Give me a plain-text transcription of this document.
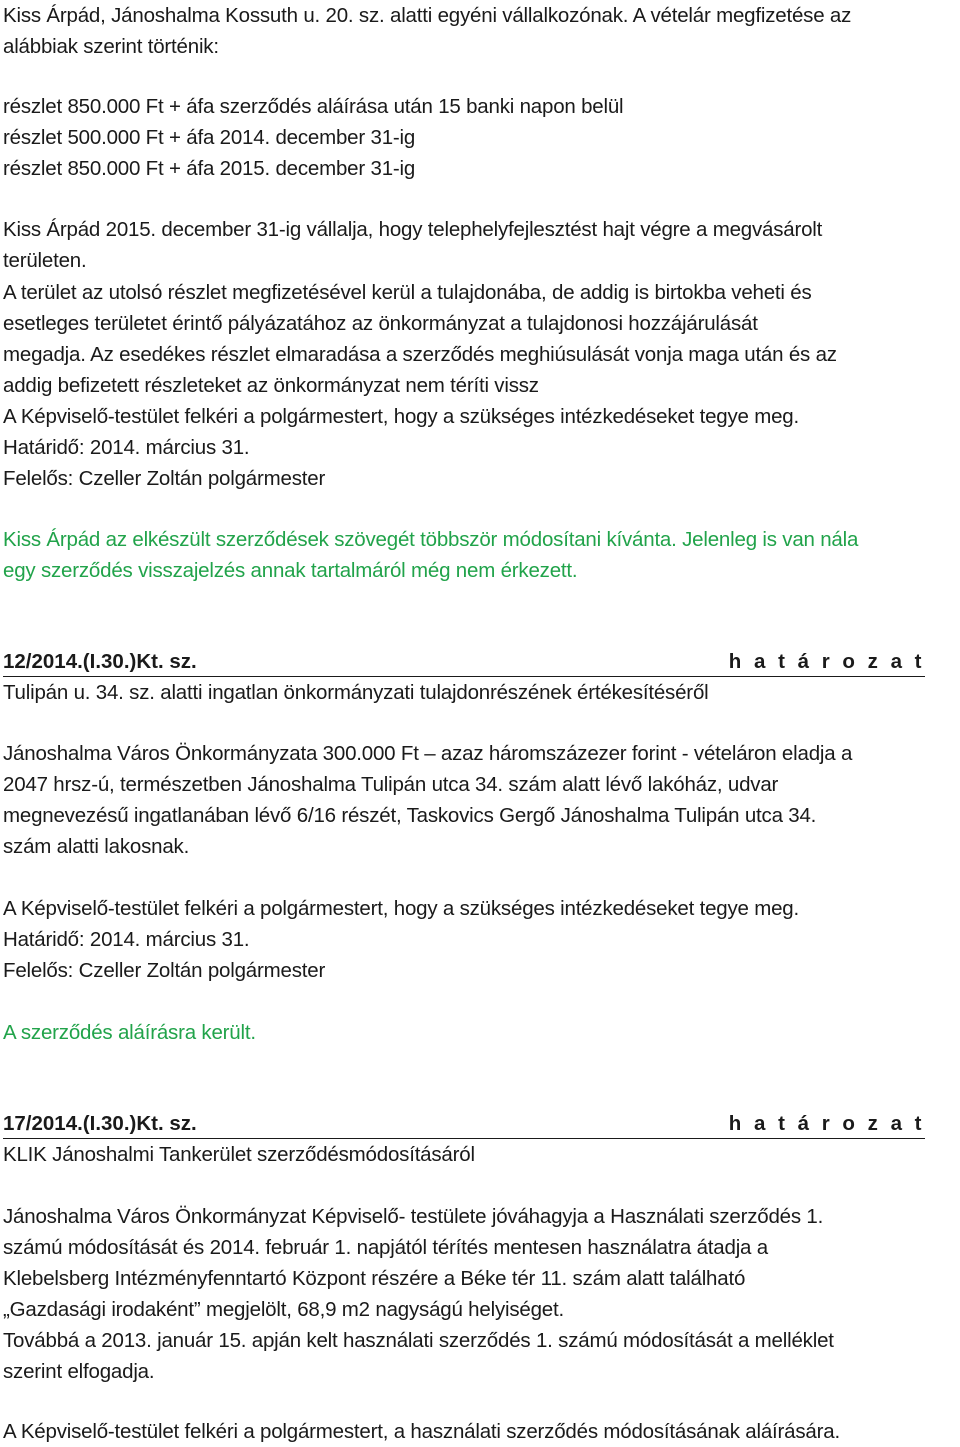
Kiss Árpád, Jánoshalma Kossuth u. 20. sz. alatti egyéni vállalkozónak. A vételár megfizetése az
alábbiak szerint történik:
részlet 850.000 Ft + áfa szerződés aláírása után 15 banki napon belül
részlet 500.000 Ft + áfa 2014. december 31-ig
részlet 850.000 Ft + áfa 2015. december 31-ig
Kiss Árpád 2015. december 31-ig vállalja, hogy telephelyfejlesztést hajt végre a megvásárolt
területen.
A terület az utolsó részlet megfizetésével kerül a tulajdonába, de addig is birtokba veheti és
esetleges területet érintő pályázatához az önkormányzat a tulajdonosi hozzájárulását
megadja. Az esedékes részlet elmaradása a szerződés meghiúsulását vonja maga után és az
addig befizetett részleteket az önkormányzat nem téríti vissz
A Képviselő-testület felkéri a polgármestert, hogy a szükséges intézkedéseket tegye meg.
Határidő: 2014. március 31.
Felelős: Czeller Zoltán polgármester
Kiss Árpád az elkészült szerződések szövegét többször módosítani kívánta. Jelenleg is van nála
egy szerződés visszajelzés annak tartalmáról még nem érkezett.
12/2014.(I.30.)Kt. sz.	h a t á r o z a t
Tulipán u. 34. sz. alatti ingatlan önkormányzati tulajdonrészének értékesítéséről
Jánoshalma Város Önkormányzata 300.000 Ft – azaz háromszázezer forint - vételáron eladja a
2047 hrsz-ú, természetben Jánoshalma Tulipán utca 34. szám alatt lévő lakóház, udvar
megnevezésű ingatlanában lévő 6/16 részét, Taskovics Gergő Jánoshalma Tulipán utca 34.
szám alatti lakosnak.
A Képviselő-testület felkéri a polgármestert, hogy a szükséges intézkedéseket tegye meg.
Határidő: 2014. március 31.
Felelős: Czeller Zoltán polgármester
A szerződés aláírásra került.
17/2014.(I.30.)Kt. sz.	h a t á r o z a t
KLIK Jánoshalmi Tankerület szerződésmódosításáról
Jánoshalma Város Önkormányzat Képviselő- testülete jóváhagyja a Használati szerződés 1.
számú módosítását és 2014. február 1. napjától térítés mentesen használatra átadja a
Klebelsberg Intézményfenntartó Központ részére a Béke tér 11. szám alatt található
„Gazdasági irodaként” megjelölt, 68,9 m2 nagyságú helyiséget.
Továbbá a 2013. január 15. apján kelt használati szerződés 1. számú módosítását a melléklet
szerint elfogadja.
A Képviselő-testület felkéri a polgármestert, a használati szerződés módosításának aláírására.
